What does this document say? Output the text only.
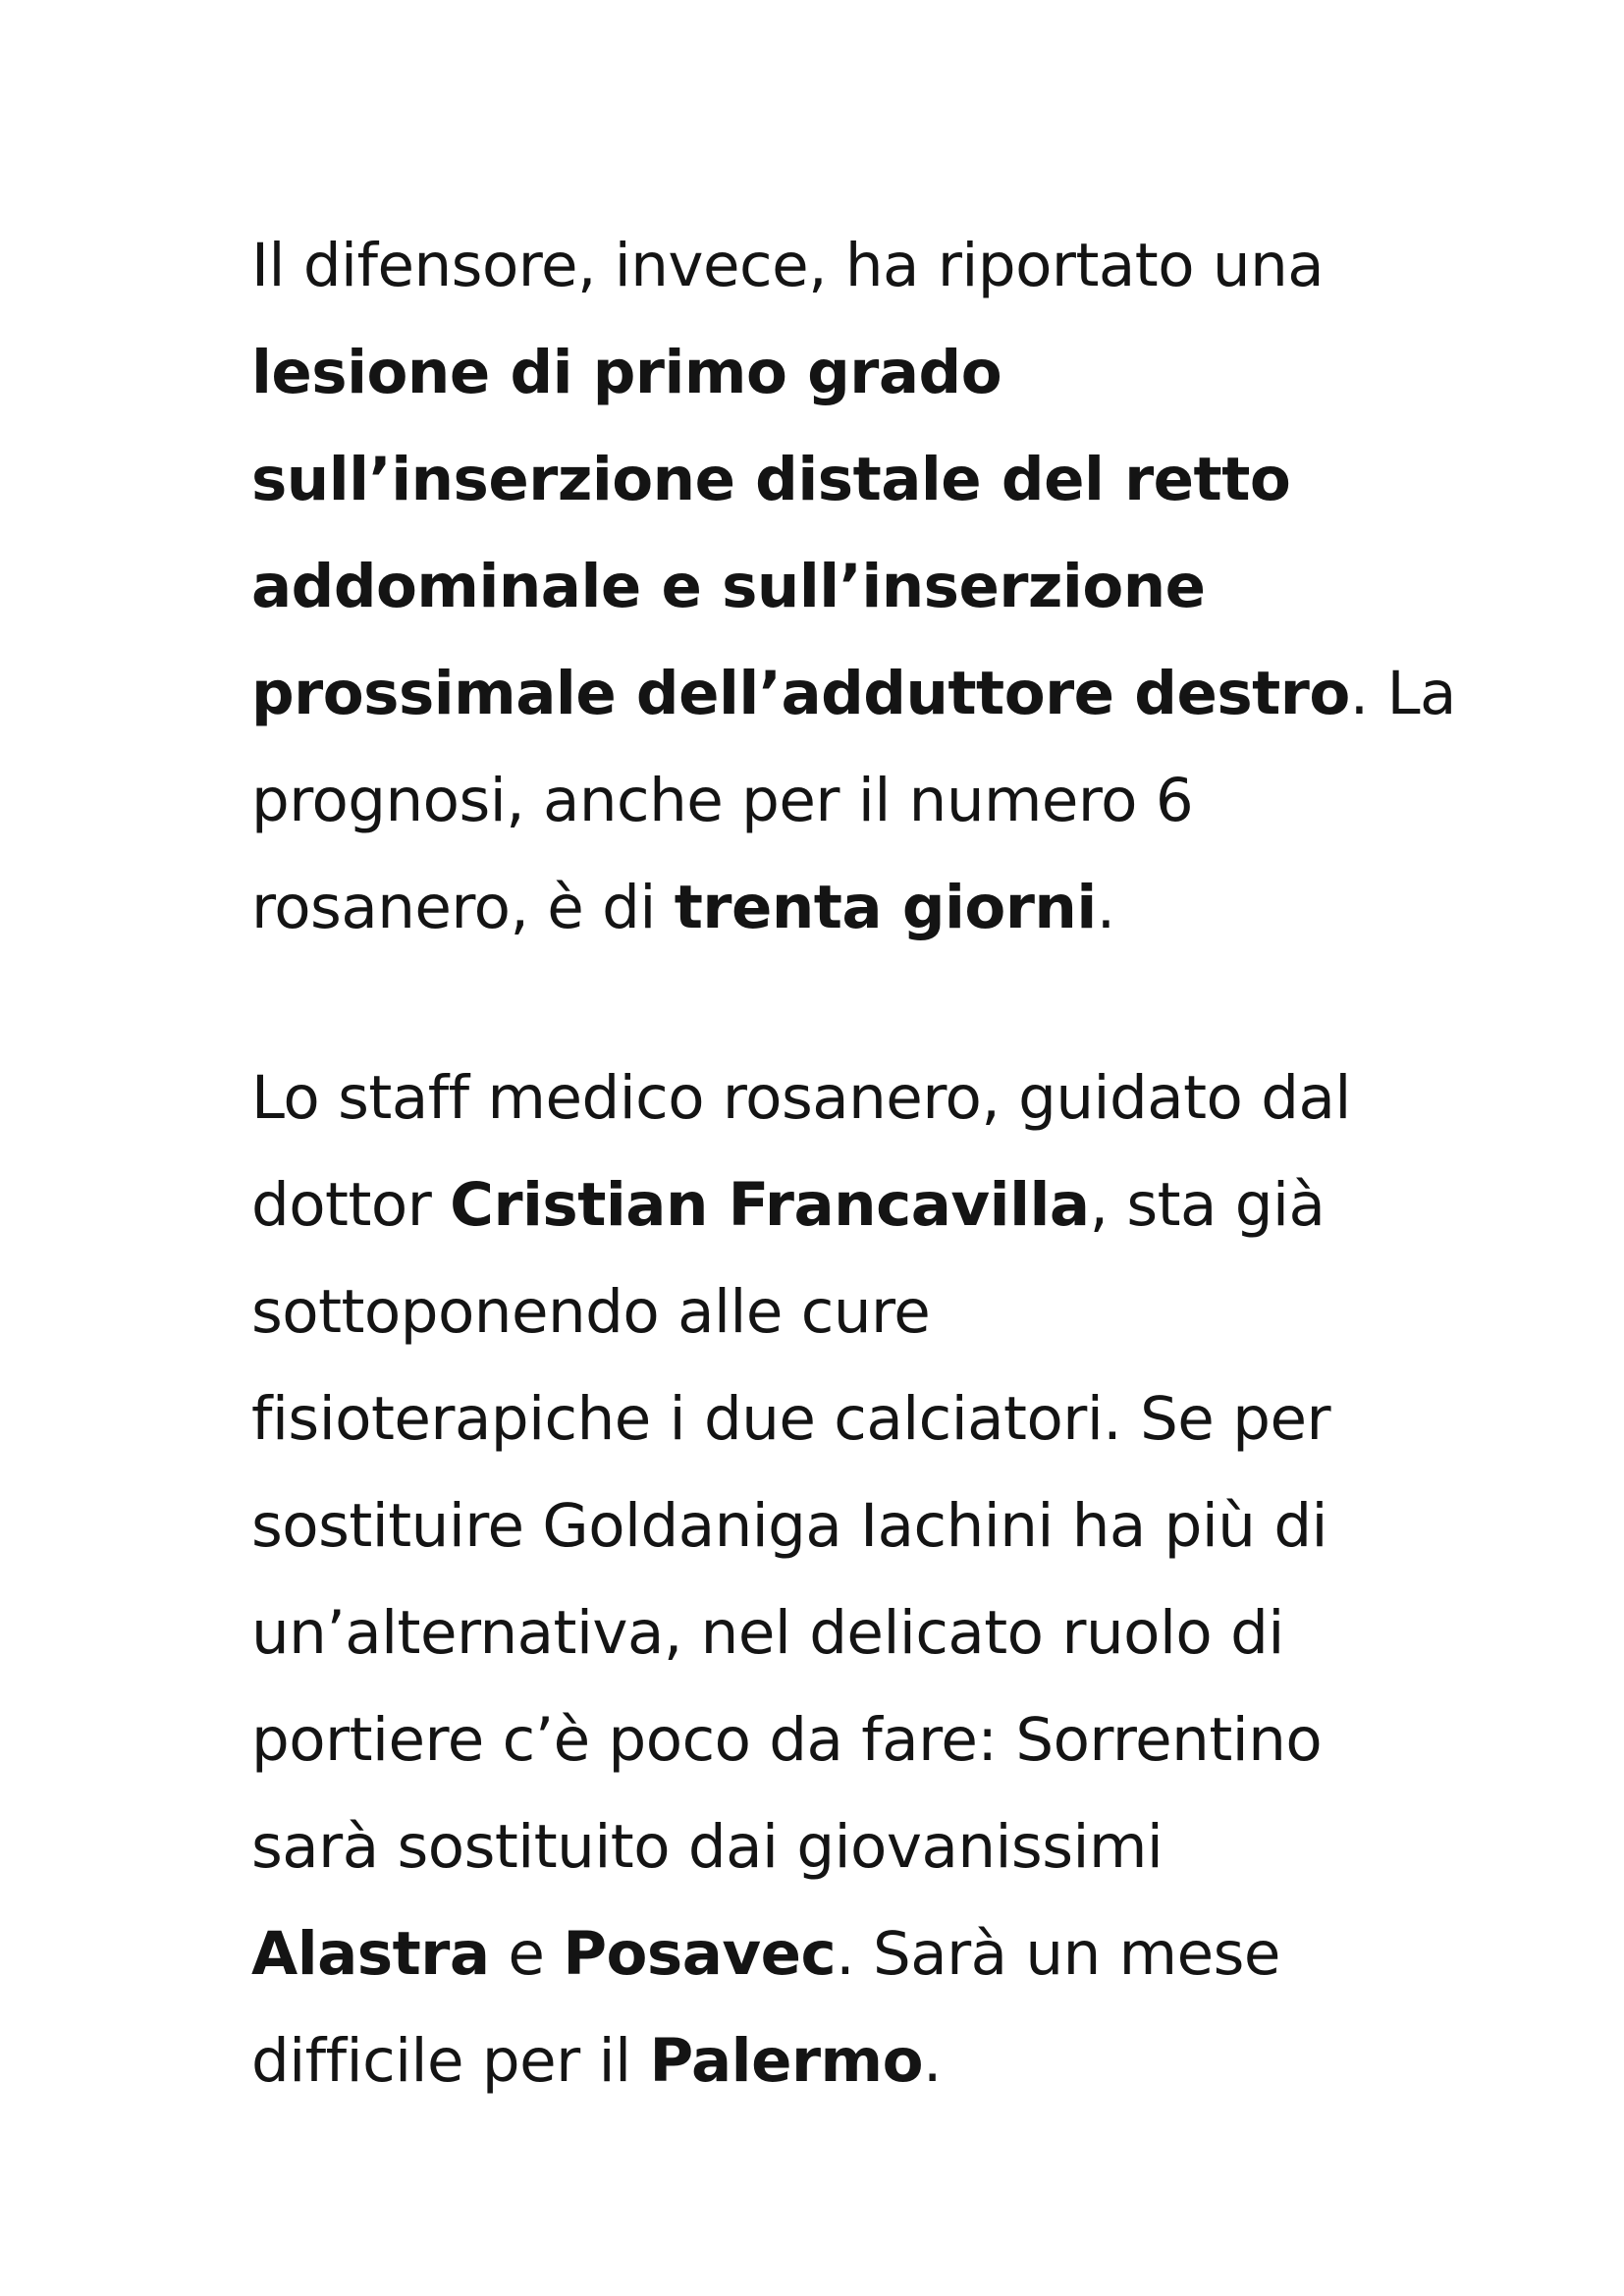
Il difensore, invece, ha riportato una
lesione di primo grado
sull’inserzione distale del retto
addominale e sull’inserzione
prossimale dell’adduttore destro. La
prognosi, anche per il numero 6
rosanero, è di trenta giorni.

Lo staff medico rosanero, guidato dal
dottor Cristian Francavilla, sta già
sottoponendo alle cure
fisioterapiche i due calciatori. Se per
sostituire Goldaniga Iachini ha più di
un’alternativa, nel delicato ruolo di
portiere c’è poco da fare: Sorrentino
sarà sostituito dai giovanissimi
Alastra e Posavec. Sarà un mese
difficile per il Palermo.
